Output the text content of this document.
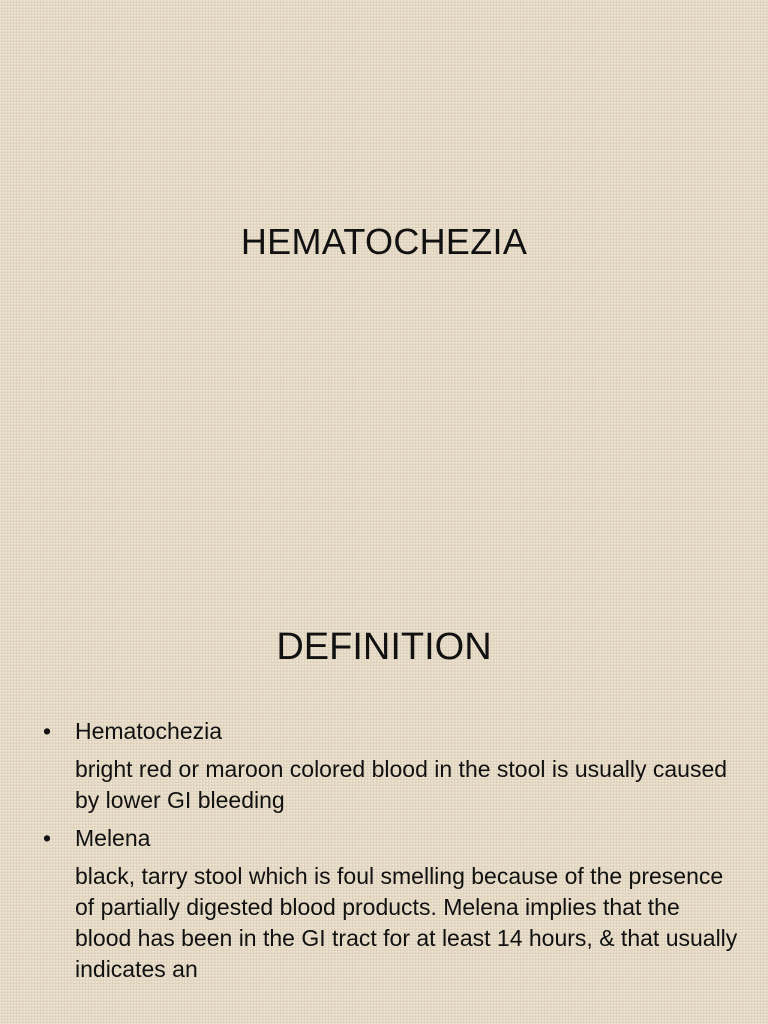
HEMATOCHEZIA
DEFINITION
• Hematochezia
bright red or maroon colored blood in the stool is usually caused by lower GI bleeding
• Melena
black, tarry stool which is foul smelling because of the presence of partially digested blood products. Melena implies that the blood has been in the GI tract for at least 14 hours, & that usually indicates an
